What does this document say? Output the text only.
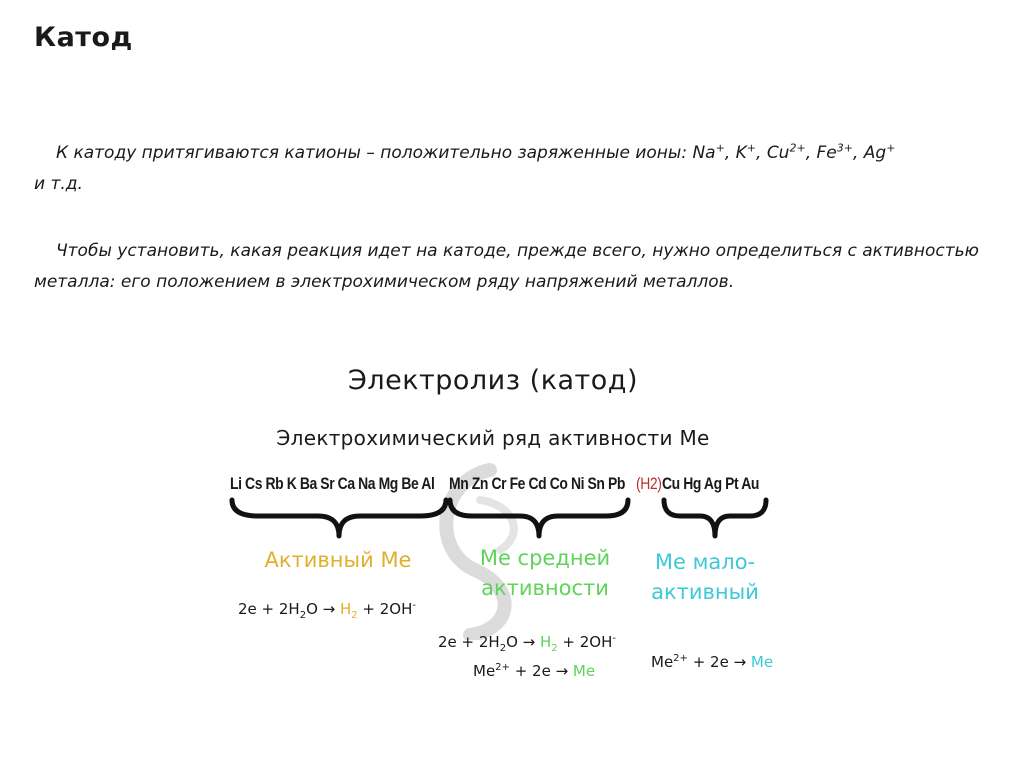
Катод
К катоду притягиваются катионы – положительно заряженные ионы: Na+, K+, $Cu^{2+}$, $Fe^{3+}$, Ag+
и т.д.
Чтобы установить, какая реакция идет на катоде, прежде всего, нужно определиться с активностью металла: его положением в электрохимическом ряду напряжений металлов.
Электролиз (катод)
Электрохимический ряд активности Me
Li Cs Rb K Ba Sr Ca Na Mg Be Al Mn Zn Cr Fe Cd Co Ni Sn Pb (H2) Cu Hg Ag Pt Au
Активный Me	Me средней
активности
Me мало-
активный
$2e + 2H_2O \to H_2 + 2OH^-$
$2e + 2H_2O \to H_2 + 2OH^-$
$Me^{2+} + 2e \to Me$	$Me^{2+} + 2e \to Me$
